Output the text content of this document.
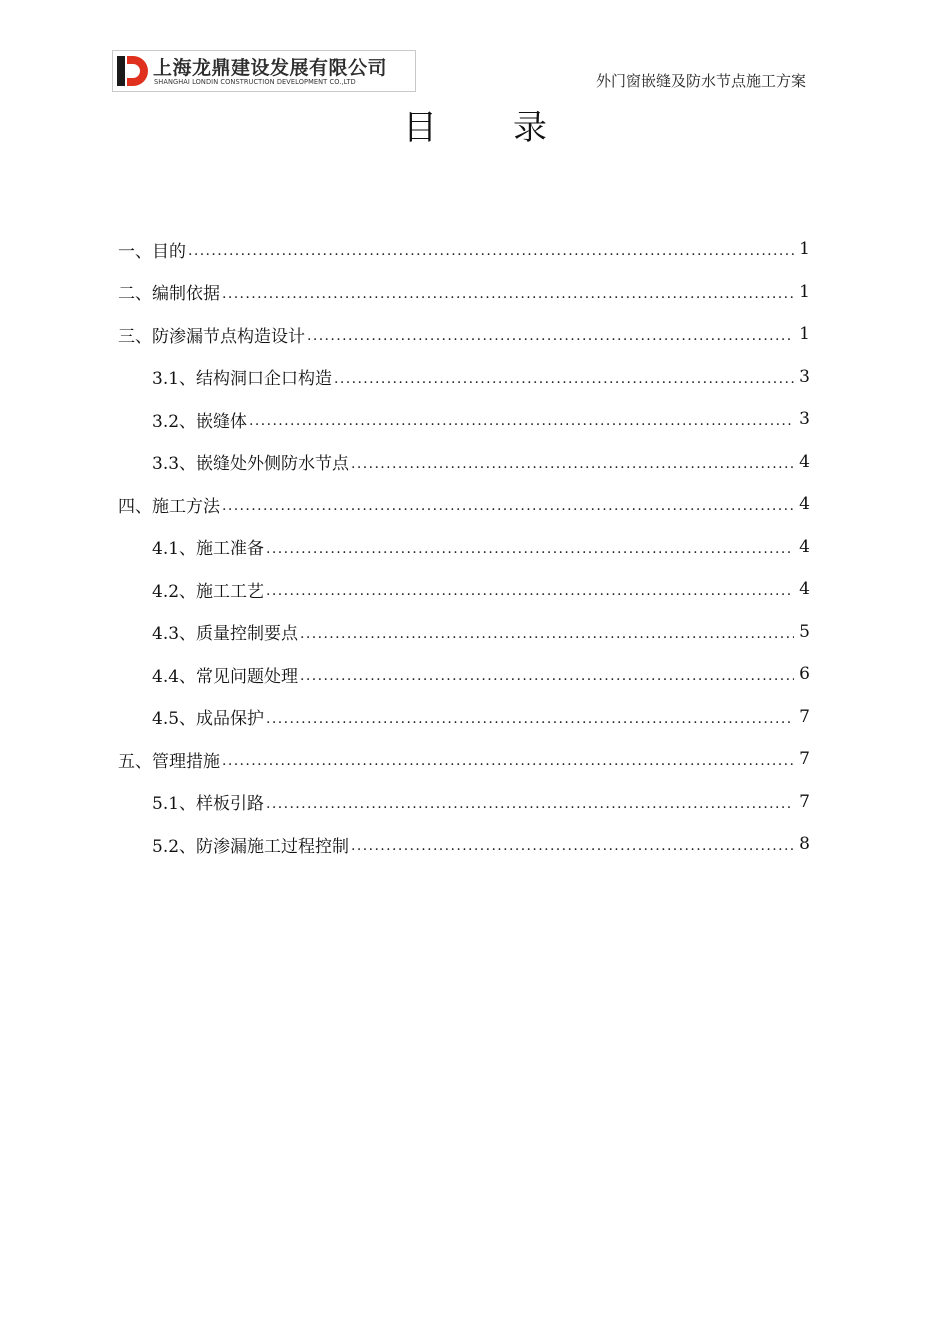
上海龙鼎建设发展有限公司
SHANGHAI LONDIN CONSTRUCTION DEVELOPMENT CO.,LTD	外门窗嵌缝及防水节点施工方案
目 录
一、目的 .....	1
二、编制依据 .....	1
三、防渗漏节点构造设计 .....	1
3.1、结构洞口企口构造 .....	3
3.2、嵌缝体 .....	3
3.3、嵌缝处外侧防水节点 .....	4
四、施工方法 .....	4
4.1、施工准备 .....	4
4.2、施工工艺 .....	4
4.3、质量控制要点 .....	5
4.4、常见问题处理 .....	6
4.5、成品保护 .....	7
五、管理措施 .....	7
5.1、样板引路 .....	7
5.2、防渗漏施工过程控制 .....	8
